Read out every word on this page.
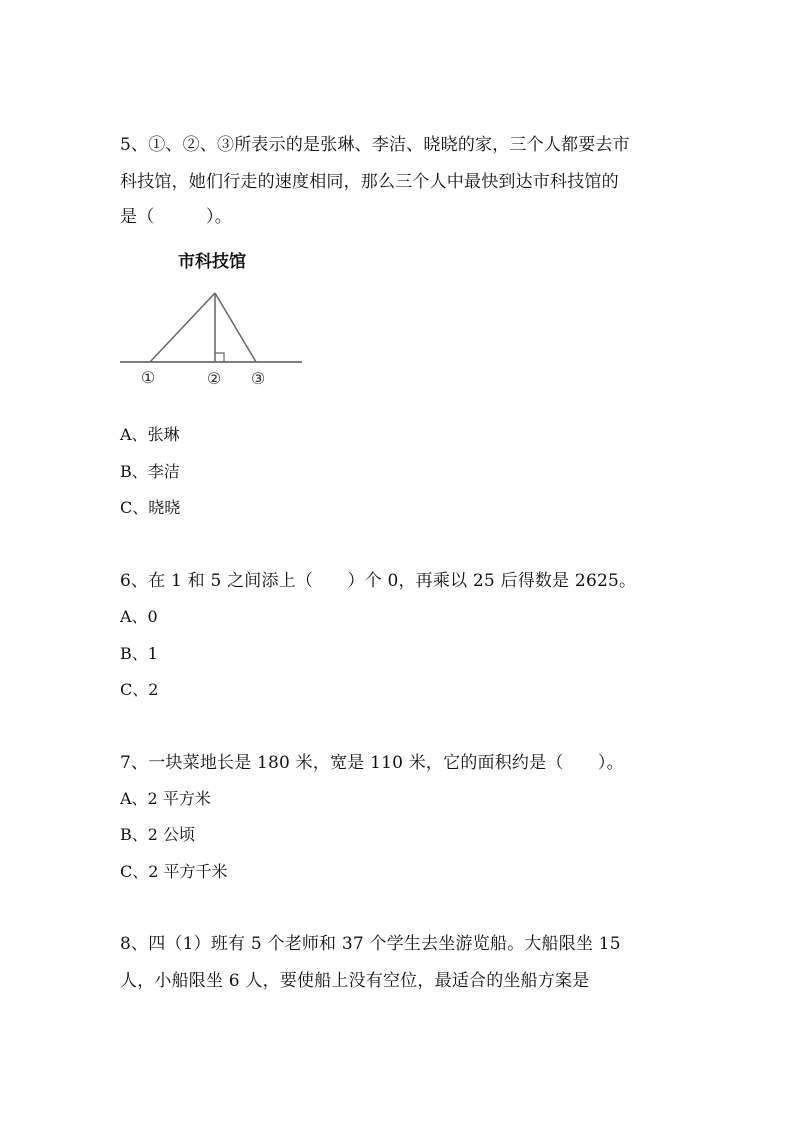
5、①、②、③所表示的是张琳、李洁、晓晓的家，三个人都要去市
科技馆，她们行走的速度相同，那么三个人中最快到达市科技馆的
是（　　　）。
市科技馆
①	② ③
A、张琳
B、李洁
C、晓晓
6、在 1 和 5 之间添上（　　）个 0，再乘以 25 后得数是 2625。
A、0
B、1
C、2
7、一块菜地长是 180 米，宽是 110 米，它的面积约是（　　）。
A、2 平方米
B、2 公顷
C、2 平方千米
8、四（1）班有 5 个老师和 37 个学生去坐游览船。大船限坐 15
人，小船限坐 6 人，要使船上没有空位，最适合的坐船方案是
